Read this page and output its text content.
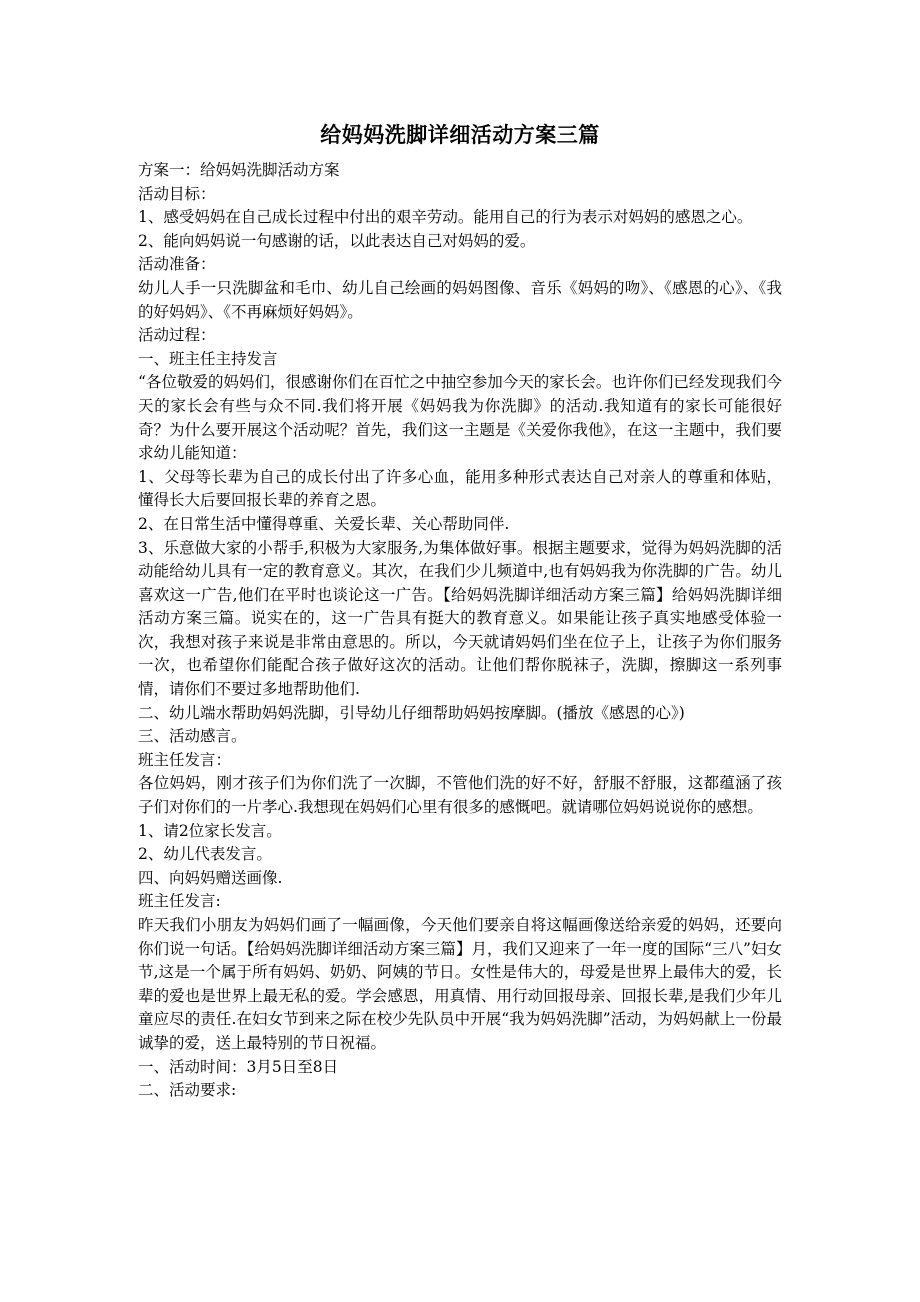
给妈妈洗脚详细活动方案三篇

方案一：给妈妈洗脚活动方案

活动目标：

1、感受妈妈在自己成长过程中付出的艰辛劳动。能用自己的行为表示对妈妈的感恩之心。

2、能向妈妈说一句感谢的话，以此表达自己对妈妈的爱。

活动准备：

幼儿人手一只洗脚盆和毛巾、幼儿自己绘画的妈妈图像、音乐《妈妈的吻》、《感恩的心》、《我的好妈妈》、《不再麻烦好妈妈》。

活动过程：

一、班主任主持发言

“各位敬爱的妈妈们，很感谢你们在百忙之中抽空参加今天的家长会。也许你们已经发现我们今天的家长会有些与众不同.我们将开展《妈妈我为你洗脚》的活动.我知道有的家长可能很好奇？为什么要开展这个活动呢？首先，我们这一主题是《关爱你我他》，在这一主题中，我们要求幼儿能知道：

1、父母等长辈为自己的成长付出了许多心血，能用多种形式表达自己对亲人的尊重和体贴，懂得长大后要回报长辈的养育之恩。

2、在日常生活中懂得尊重、关爱长辈、关心帮助同伴.

3、乐意做大家的小帮手,积极为大家服务,为集体做好事。根据主题要求，觉得为妈妈洗脚的活动能给幼儿具有一定的教育意义。其次，在我们少儿频道中,也有妈妈我为你洗脚的广告。幼儿喜欢这一广告,他们在平时也谈论这一广告。【给妈妈洗脚详细活动方案三篇】给妈妈洗脚详细活动方案三篇。说实在的，这一广告具有挺大的教育意义。如果能让孩子真实地感受体验一次，我想对孩子来说是非常由意思的。所以，今天就请妈妈们坐在位子上，让孩子为你们服务一次，也希望你们能配合孩子做好这次的活动。让他们帮你脱袜子，洗脚，擦脚这一系列事情，请你们不要过多地帮助他们.

二、幼儿端水帮助妈妈洗脚，引导幼儿仔细帮助妈妈按摩脚。(播放《感恩的心》)

三、活动感言。

班主任发言：

各位妈妈，刚才孩子们为你们洗了一次脚，不管他们洗的好不好，舒服不舒服，这都蕴涵了孩子们对你们的一片孝心.我想现在妈妈们心里有很多的感慨吧。就请哪位妈妈说说你的感想。

1、请2位家长发言。

2、幼儿代表发言。

四、向妈妈赠送画像.

班主任发言:

昨天我们小朋友为妈妈们画了一幅画像，今天他们要亲自将这幅画像送给亲爱的妈妈，还要向你们说一句话。【给妈妈洗脚详细活动方案三篇】月，我们又迎来了一年一度的国际“三八”妇女节,这是一个属于所有妈妈、奶奶、阿姨的节日。女性是伟大的，母爱是世界上最伟大的爱，长辈的爱也是世界上最无私的爱。学会感恩，用真情、用行动回报母亲、回报长辈,是我们少年儿童应尽的责任.在妇女节到来之际在校少先队员中开展“我为妈妈洗脚”活动，为妈妈献上一份最诚挚的爱，送上最特别的节日祝福。

一、活动时间：3月5日至8日

二、活动要求:
